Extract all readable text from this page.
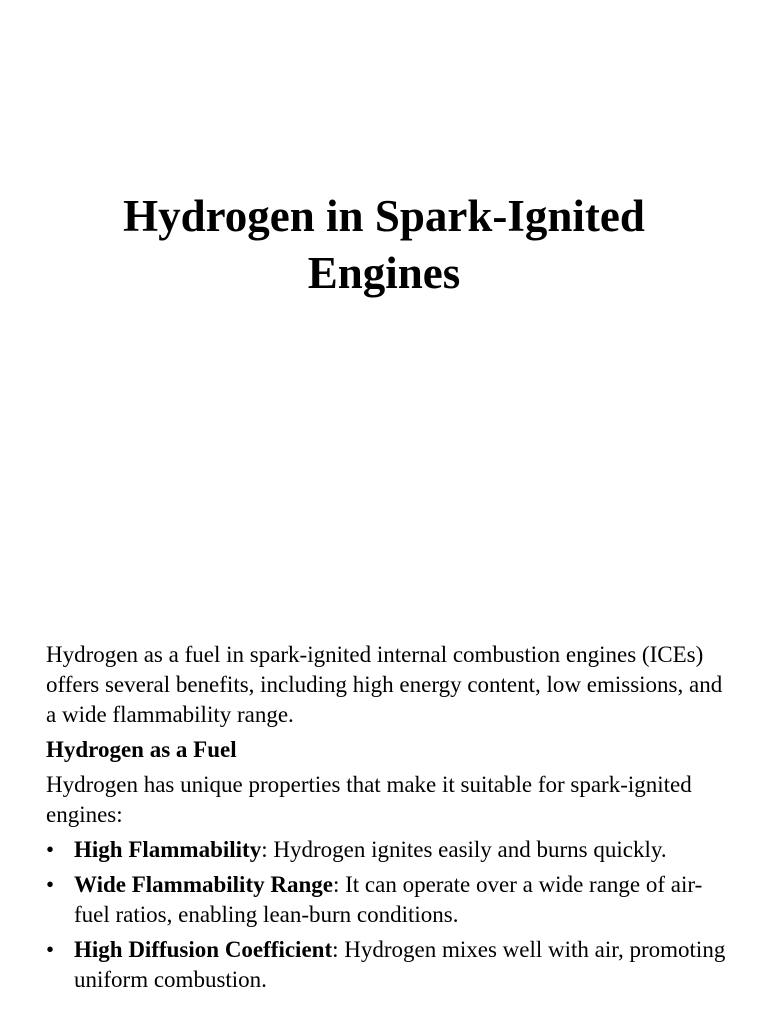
Hydrogen in Spark-Ignited Engines

Hydrogen as a fuel in spark-ignited internal combustion engines (ICEs) offers several benefits, including high energy content, low emissions, and a wide flammability range.

Hydrogen as a Fuel

Hydrogen has unique properties that make it suitable for spark-ignited engines:

• High Flammability: Hydrogen ignites easily and burns quickly.
• Wide Flammability Range: It can operate over a wide range of air-fuel ratios, enabling lean-burn conditions.
• High Diffusion Coefficient: Hydrogen mixes well with air, promoting uniform combustion.
